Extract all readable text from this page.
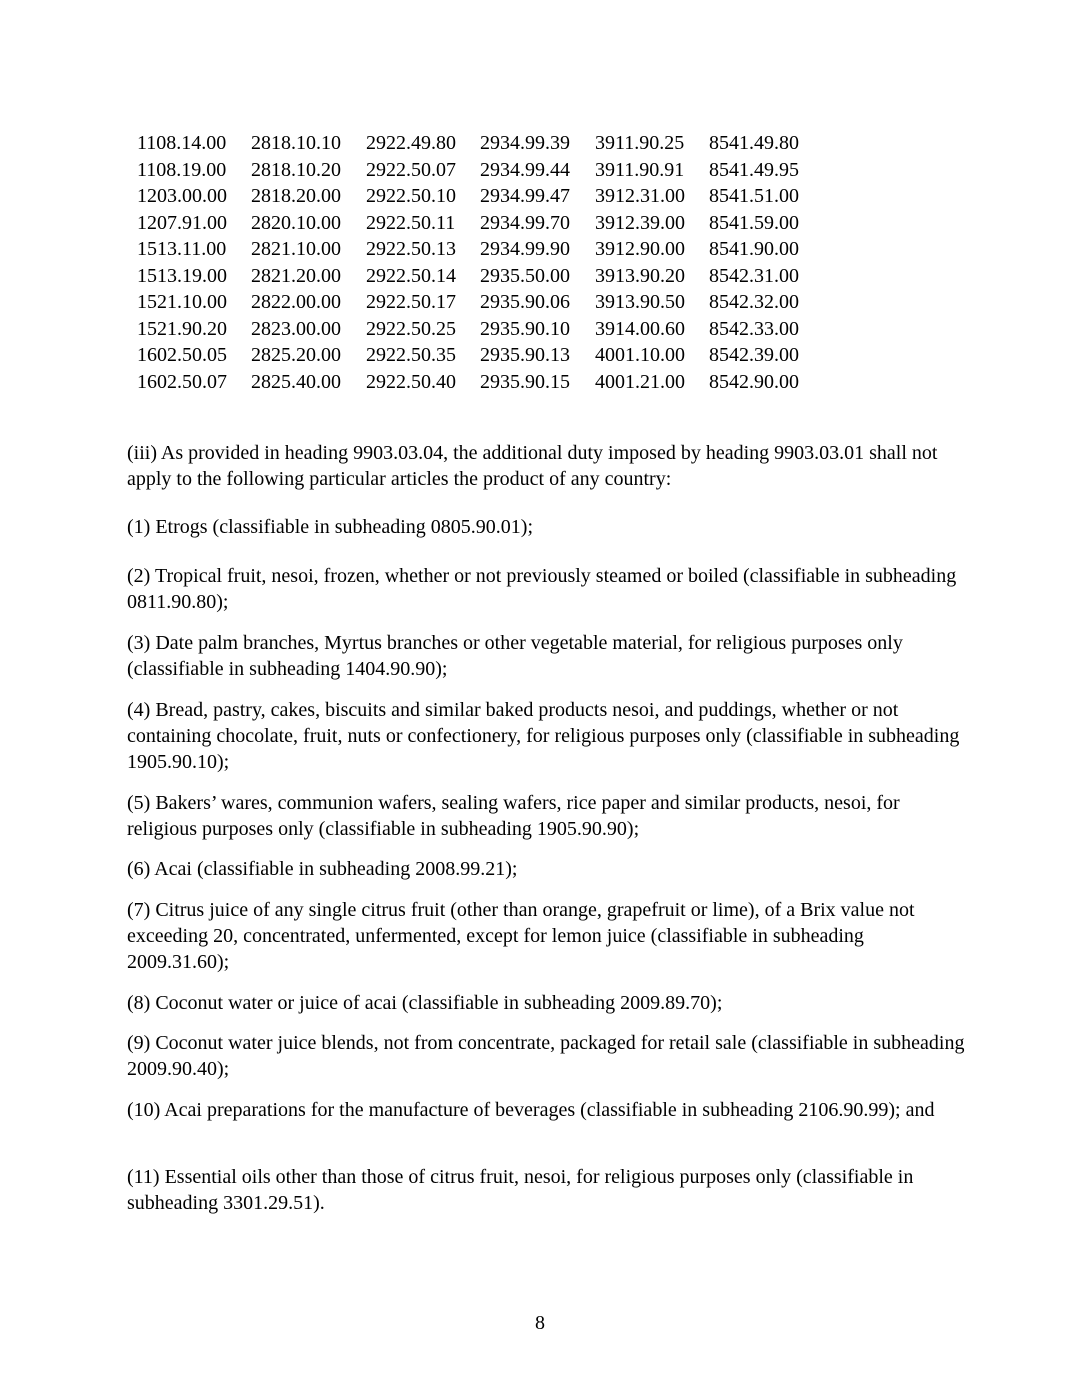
1108.14.00	2818.10.10	2922.49.80	2934.99.39	3911.90.25	8541.49.80
1108.19.00	2818.10.20	2922.50.07	2934.99.44	3911.90.91	8541.49.95
1203.00.00	2818.20.00	2922.50.10	2934.99.47	3912.31.00	8541.51.00
1207.91.00	2820.10.00	2922.50.11	2934.99.70	3912.39.00	8541.59.00
1513.11.00	2821.10.00	2922.50.13	2934.99.90	3912.90.00	8541.90.00
1513.19.00	2821.20.00	2922.50.14	2935.50.00	3913.90.20	8542.31.00
1521.10.00	2822.00.00	2922.50.17	2935.90.06	3913.90.50	8542.32.00
1521.90.20	2823.00.00	2922.50.25	2935.90.10	3914.00.60	8542.33.00
1602.50.05	2825.20.00	2922.50.35	2935.90.13	4001.10.00	8542.39.00
1602.50.07	2825.40.00	2922.50.40	2935.90.15	4001.21.00	8542.90.00

(iii) As provided in heading 9903.03.04, the additional duty imposed by heading 9903.03.01 shall not apply to the following particular articles the product of any country:

(1) Etrogs (classifiable in subheading 0805.90.01);

(2) Tropical fruit, nesoi, frozen, whether or not previously steamed or boiled (classifiable in subheading 0811.90.80);

(3) Date palm branches, Myrtus branches or other vegetable material, for religious purposes only (classifiable in subheading 1404.90.90);

(4) Bread, pastry, cakes, biscuits and similar baked products nesoi, and puddings, whether or not containing chocolate, fruit, nuts or confectionery, for religious purposes only (classifiable in subheading 1905.90.10);

(5) Bakers’ wares, communion wafers, sealing wafers, rice paper and similar products, nesoi, for religious purposes only (classifiable in subheading 1905.90.90);

(6) Acai (classifiable in subheading 2008.99.21);

(7) Citrus juice of any single citrus fruit (other than orange, grapefruit or lime), of a Brix value not exceeding 20, concentrated, unfermented, except for lemon juice (classifiable in subheading 2009.31.60);

(8) Coconut water or juice of acai (classifiable in subheading 2009.89.70);

(9) Coconut water juice blends, not from concentrate, packaged for retail sale (classifiable in subheading 2009.90.40);

(10) Acai preparations for the manufacture of beverages (classifiable in subheading 2106.90.99); and

(11) Essential oils other than those of citrus fruit, nesoi, for religious purposes only (classifiable in subheading 3301.29.51).

8
